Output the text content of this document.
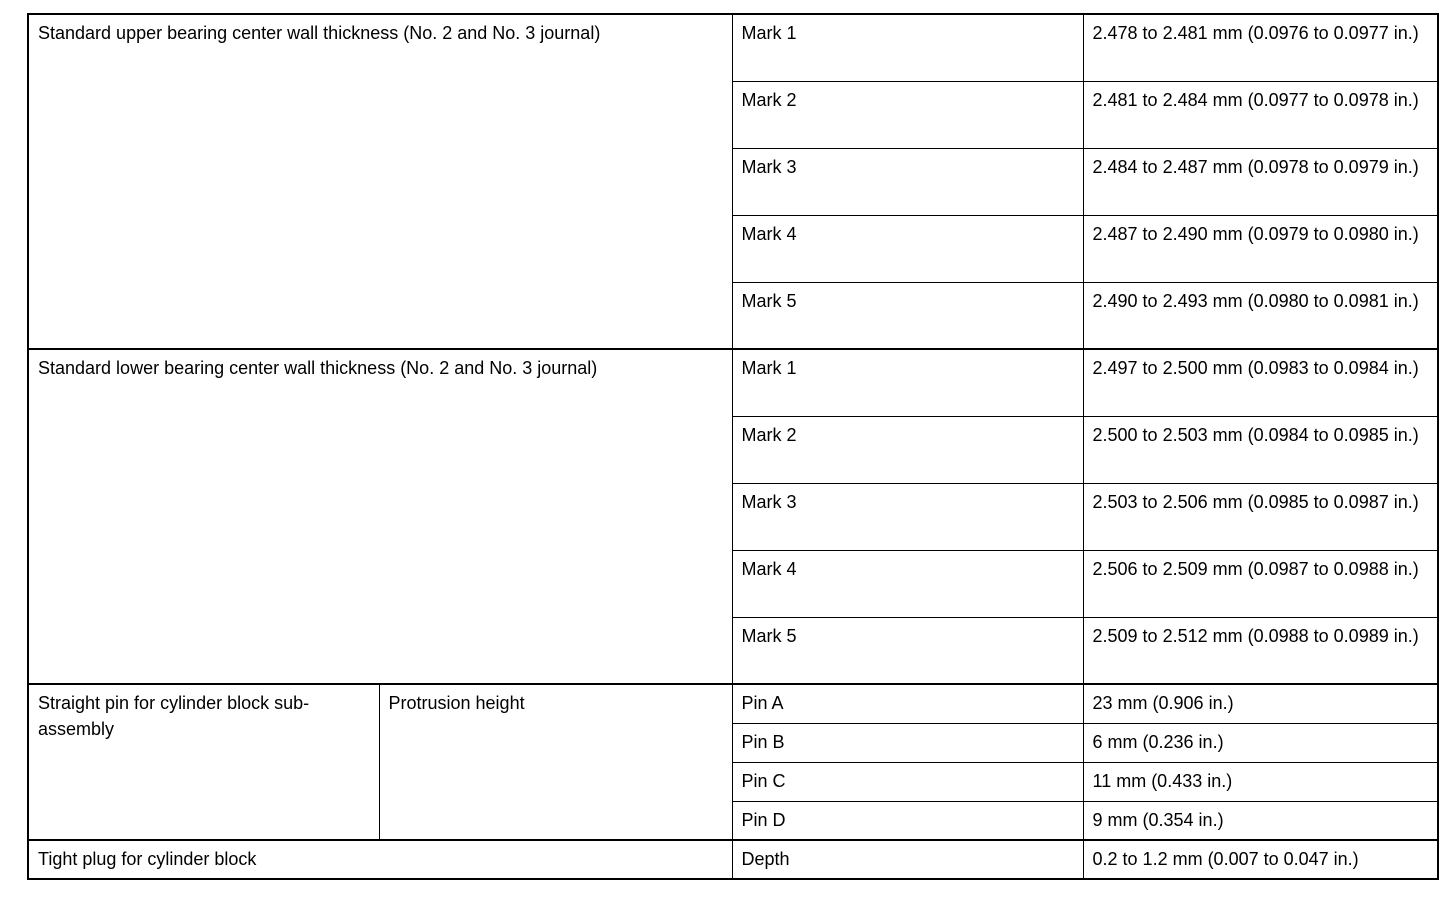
Standard upper bearing center wall thickness (No. 2 and No. 3 journal)		Mark 1	2.478 to 2.481 mm (0.0976 to 0.0977 in.)
		Mark 2	2.481 to 2.484 mm (0.0977 to 0.0978 in.)
		Mark 3	2.484 to 2.487 mm (0.0978 to 0.0979 in.)
		Mark 4	2.487 to 2.490 mm (0.0979 to 0.0980 in.)
		Mark 5	2.490 to 2.493 mm (0.0980 to 0.0981 in.)
Standard lower bearing center wall thickness (No. 2 and No. 3 journal)		Mark 1	2.497 to 2.500 mm (0.0983 to 0.0984 in.)
		Mark 2	2.500 to 2.503 mm (0.0984 to 0.0985 in.)
		Mark 3	2.503 to 2.506 mm (0.0985 to 0.0987 in.)
		Mark 4	2.506 to 2.509 mm (0.0987 to 0.0988 in.)
		Mark 5	2.509 to 2.512 mm (0.0988 to 0.0989 in.)
Straight pin for cylinder block sub-assembly	Protrusion height	Pin A	23 mm (0.906 in.)
		Pin B	6 mm (0.236 in.)
		Pin C	11 mm (0.433 in.)
		Pin D	9 mm (0.354 in.)
Tight plug for cylinder block		Depth	0.2 to 1.2 mm (0.007 to 0.047 in.)
